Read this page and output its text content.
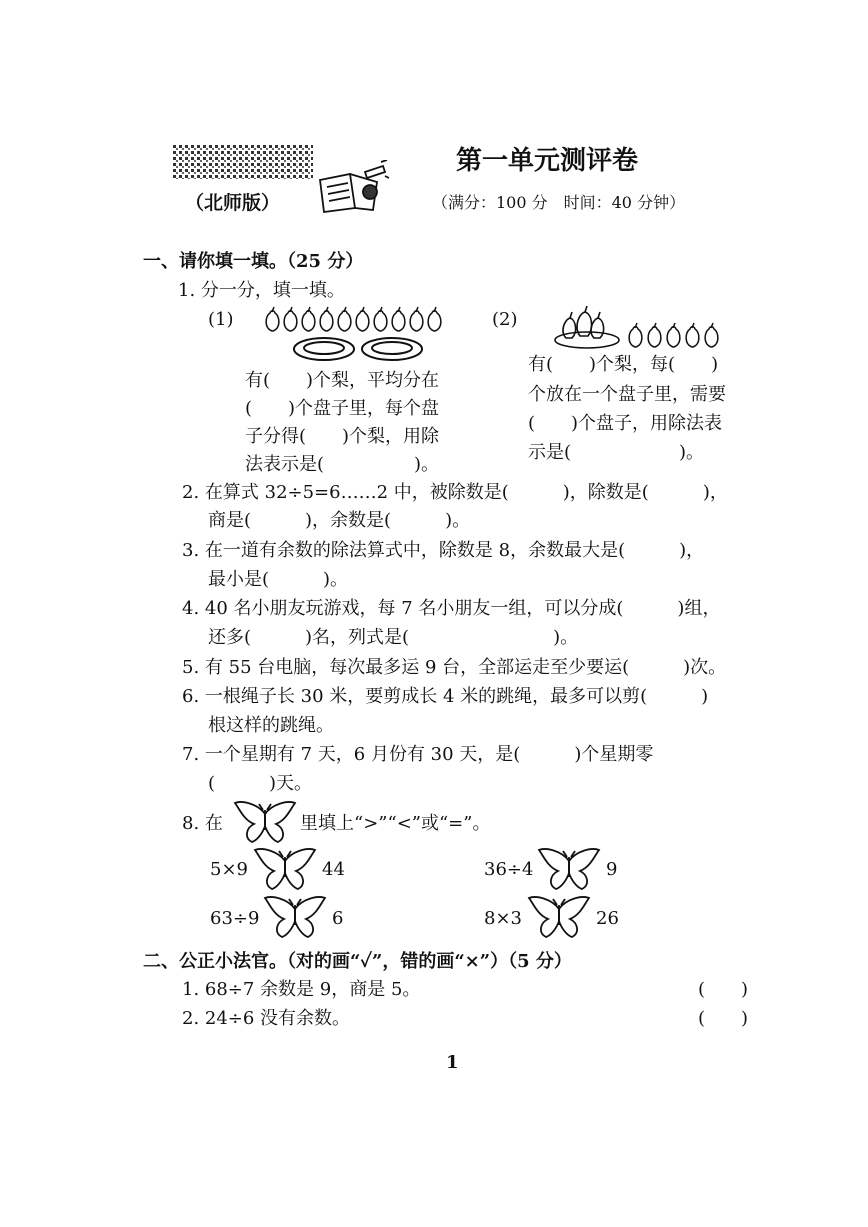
（北师版）
第一单元测评卷
（满分：100 分　时间：40 分钟）
一、请你填一填。（25 分）
1. 分一分，填一填。
(1)
有(　　)个梨，平均分在
(　　)个盘子里，每个盘
子分得(　　)个梨，用除
法表示是(　　　　　)。
(2)
有(　　)个梨，每(　　)
个放在一个盘子里，需要
(　　)个盘子，用除法表
示是(　　　　　　)。
2. 在算式 32÷5=6……2 中，被除数是(　　　)，除数是(　　　)，
商是(　　　)，余数是(　　　)。
3. 在一道有余数的除法算式中，除数是 8，余数最大是(　　　)，
最小是(　　　)。
4. 40 名小朋友玩游戏，每 7 名小朋友一组，可以分成(　　　)组，
还多(　　　)名，列式是(　　　　　　　　)。
5. 有 55 台电脑，每次最多运 9 台，全部运走至少要运(　　　)次。
6. 一根绳子长 30 米，要剪成长 4 米的跳绳，最多可以剪(　　　)
根这样的跳绳。
7. 一个星期有 7 天，6 月份有 30 天，是(　　　)个星期零
(　　　)天。
8. 在	里填上“>”“<”或“=”。
5×9	44	36÷4	9
63÷9	6	8×3	26
二、公正小法官。（对的画“✓”，错的画“×”）（5 分）
1. 68÷7 余数是 9，商是 5。	(　　)
2. 24÷6 没有余数。	(　　)
1
